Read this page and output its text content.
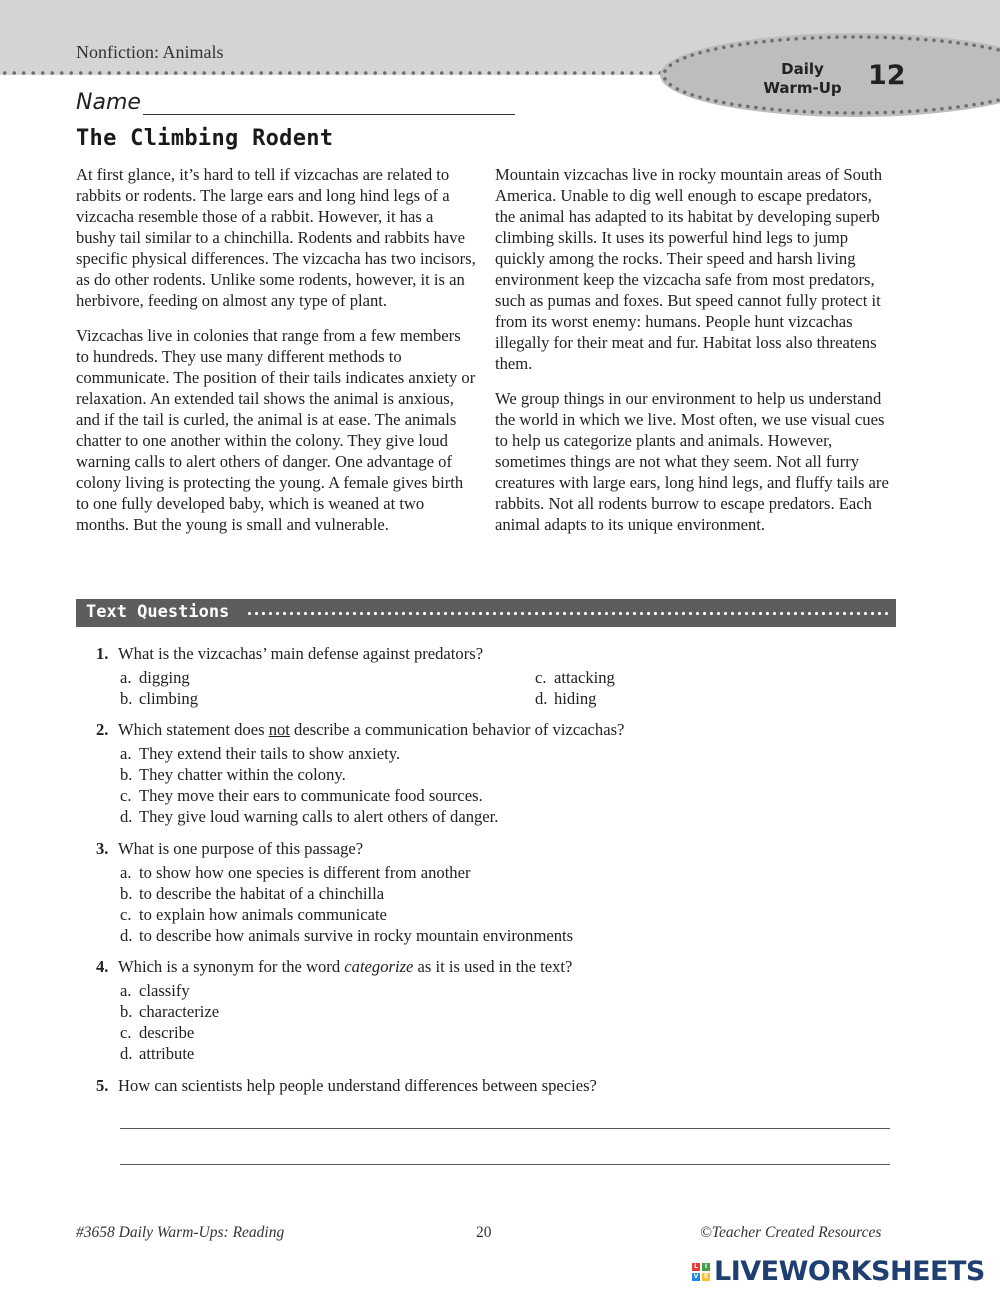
Nonfiction: Animals
Daily
Warm-Up 12
Name
The Climbing Rodent

At first glance, it’s hard to tell if vizcachas are related to rabbits or rodents. The large ears and long hind legs of a vizcacha resemble those of a rabbit. However, it has a bushy tail similar to a chinchilla. Rodents and rabbits have specific physical differences. The vizcacha has two incisors, as do other rodents. Unlike some rodents, however, it is an herbivore, feeding on almost any type of plant.

Vizcachas live in colonies that range from a few members to hundreds. They use many different methods to communicate. The position of their tails indicates anxiety or relaxation. An extended tail shows the animal is anxious, and if the tail is curled, the animal is at ease. The animals chatter to one another within the colony. They give loud warning calls to alert others of danger. One advantage of colony living is protecting the young. A female gives birth to one fully developed baby, which is weaned at two months. But the young is small and vulnerable.

Mountain vizcachas live in rocky mountain areas of South America. Unable to dig well enough to escape predators, the animal has adapted to its habitat by developing superb climbing skills. It uses its powerful hind legs to jump quickly among the rocks. Their speed and harsh living environment keep the vizcacha safe from most predators, such as pumas and foxes. But speed cannot fully protect it from its worst enemy: humans. People hunt vizcachas illegally for their meat and fur. Habitat loss also threatens them.

We group things in our environment to help us understand the world in which we live. Most often, we use visual cues to help us categorize plants and animals. However, sometimes things are not what they seem. Not all furry creatures with large ears, long hind legs, and fluffy tails are rabbits. Not all rodents burrow to escape predators. Each animal adapts to its unique environment.

Text Questions
1. What is the vizcachas’ main defense against predators?
a. digging
b. climbing
c. attacking
d. hiding
2. Which statement does not describe a communication behavior of vizcachas?
a. They extend their tails to show anxiety.
b. They chatter within the colony.
c. They move their ears to communicate food sources.
d. They give loud warning calls to alert others of danger.
3. What is one purpose of this passage?
a. to show how one species is different from another
b. to describe the habitat of a chinchilla
c. to explain how animals communicate
d. to describe how animals survive in rocky mountain environments
4. Which is a synonym for the word categorize as it is used in the text?
a. classify
b. characterize
c. describe
d. attribute
5. How can scientists help people understand differences between species?
#3658 Daily Warm-Ups: Reading	20	©Teacher Created Resources
L	I
V E LIVEWORKSHEETS
